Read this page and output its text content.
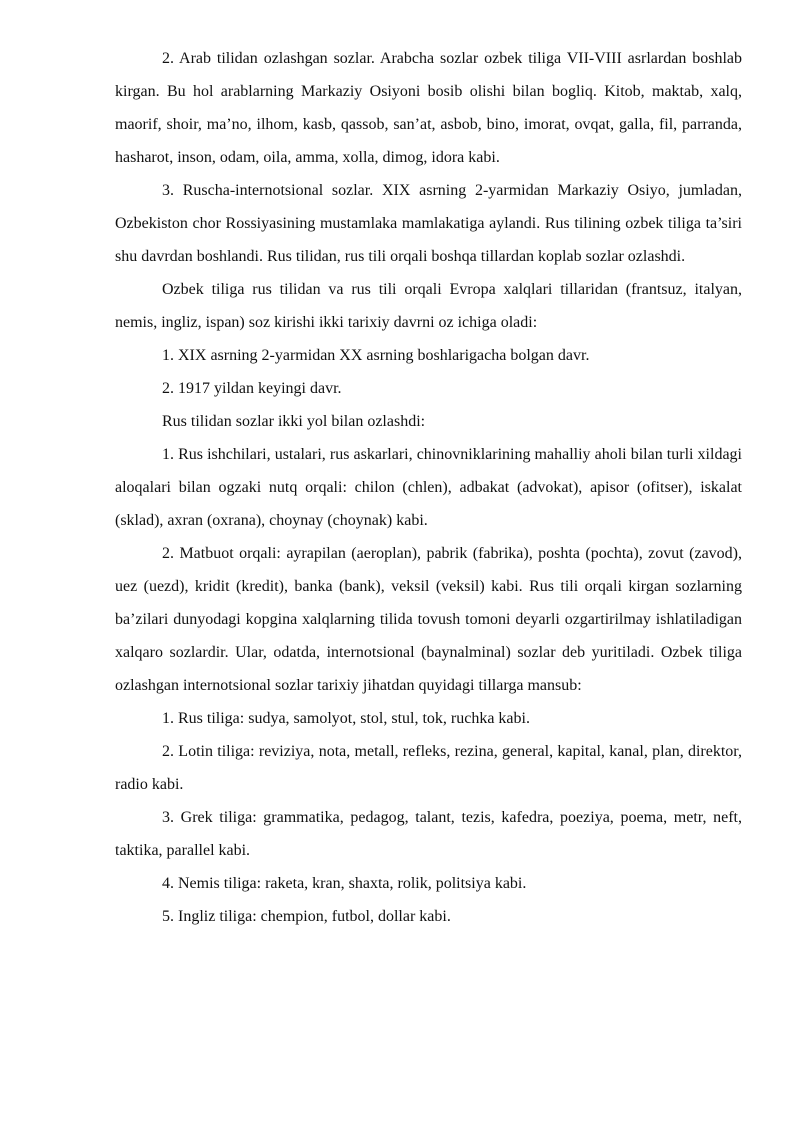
2. Arab tilidan ozlashgan sozlar. Arabcha sozlar ozbek tiliga VII-VIII asrlardan boshlab kirgan. Bu hol arablarning Markaziy Osiyoni bosib olishi bilan bogliq. Kitob, maktab, xalq, maorif, shoir, ma’no, ilhom, kasb, qassob, san’at, asbob, bino, imorat, ovqat, galla, fil, parranda, hasharot, inson, odam, oila, amma, xolla, dimog, idora kabi.

3. Ruscha-internotsional sozlar. XIX asrning 2-yarmidan Markaziy Osiyo, jumladan, Ozbekiston chor Rossiyasining mustamlaka mamlakatiga aylandi. Rus tilining ozbek tiliga ta’siri shu davrdan boshlandi. Rus tilidan, rus tili orqali boshqa tillardan koplab sozlar ozlashdi.

Ozbek tiliga rus tilidan va rus tili orqali Evropa xalqlari tillaridan (frantsuz, italyan, nemis, ingliz, ispan) soz kirishi ikki tarixiy davrni oz ichiga oladi:

1. XIX asrning 2-yarmidan XX asrning boshlarigacha bolgan davr.

2. 1917 yildan keyingi davr.

Rus tilidan sozlar ikki yol bilan ozlashdi:

1. Rus ishchilari, ustalari, rus askarlari, chinovniklarining mahalliy aholi bilan turli xildagi aloqalari bilan ogzaki nutq orqali: chilon (chlen), adbakat (advokat), apisor (ofitser), iskalat (sklad), axran (oxrana), choynay (choynak) kabi.

2. Matbuot orqali: ayrapilan (aeroplan), pabrik (fabrika), poshta (pochta), zovut (zavod), uez (uezd), kridit (kredit), banka (bank), veksil (veksil) kabi. Rus tili orqali kirgan sozlarning ba’zilari dunyodagi kopgina xalqlarning tilida tovush tomoni deyarli ozgartirilmay ishlatiladigan xalqaro sozlardir. Ular, odatda, internotsional (baynalminal) sozlar deb yuritiladi. Ozbek tiliga ozlashgan internotsional sozlar tarixiy jihatdan quyidagi tillarga mansub:

1. Rus tiliga: sudya, samolyot, stol, stul, tok, ruchka kabi.

2. Lotin tiliga: reviziya, nota, metall, refleks, rezina, general, kapital, kanal, plan, direktor, radio kabi.

3. Grek tiliga: grammatika, pedagog, talant, tezis, kafedra, poeziya, poema, metr, neft, taktika, parallel kabi.

4. Nemis tiliga: raketa, kran, shaxta, rolik, politsiya kabi.

5. Ingliz tiliga: chempion, futbol, dollar kabi.
